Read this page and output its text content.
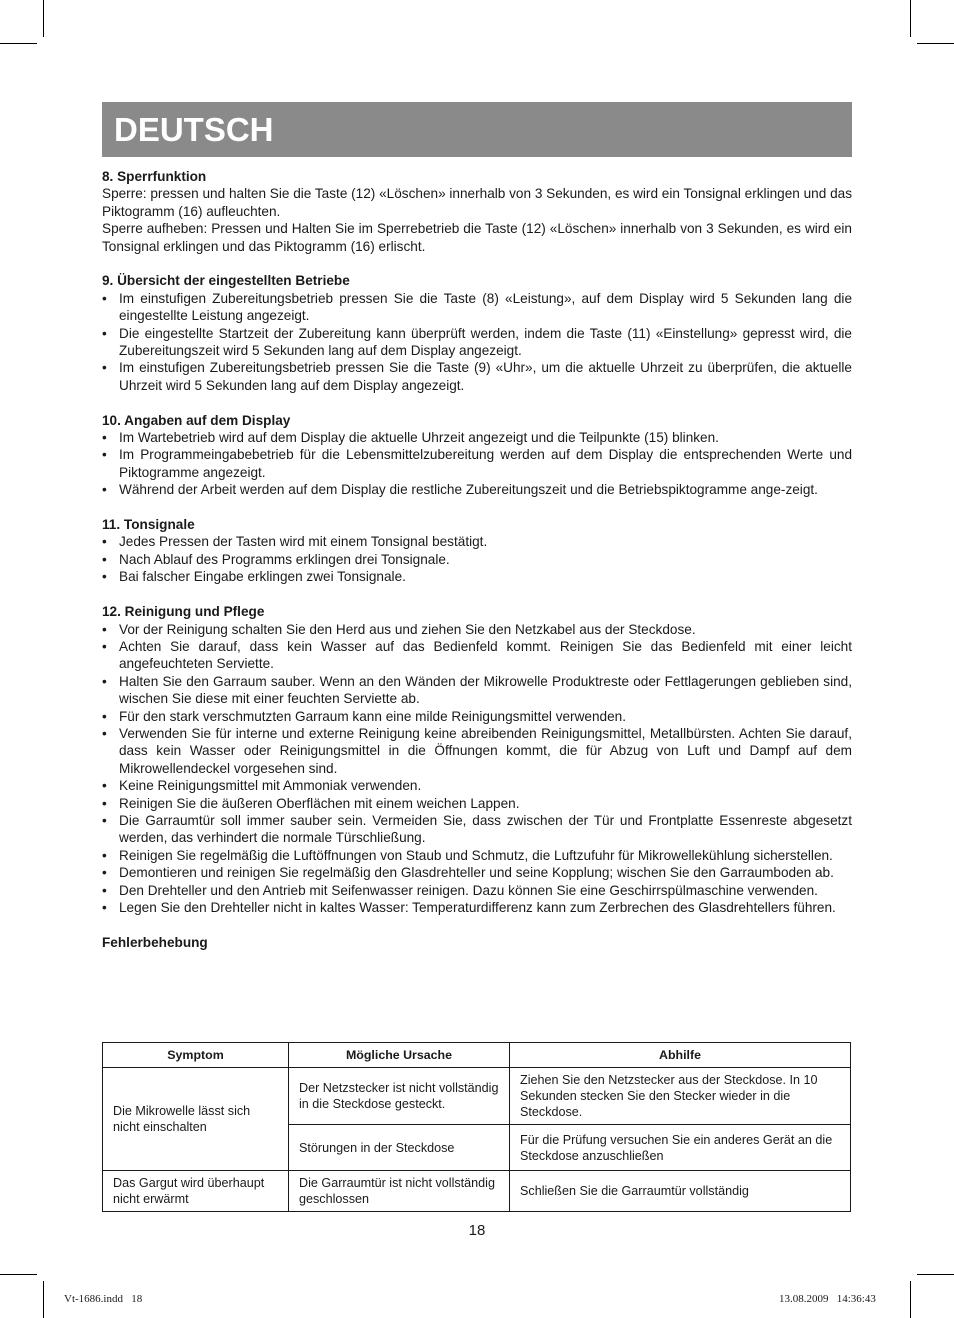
DEUTSCH
8. Sperrfunktion

Sperre: pressen und halten Sie die Taste (12) «Löschen» innerhalb von 3 Sekunden, es wird ein Tonsignal erklingen und das Piktogramm (16) aufleuchten.

Sperre aufheben: Pressen und Halten Sie im Sperrebetrieb die Taste (12) «Löschen» innerhalb von 3 Sekunden, es wird ein Tonsignal erklingen und das Piktogramm (16) erlischt.

9. Übersicht der eingestellten Betriebe
• Im einstufigen Zubereitungsbetrieb pressen Sie die Taste (8) «Leistung», auf dem Display wird 5 Sekunden lang die eingestellte Leistung angezeigt.
• Die eingestellte Startzeit der Zubereitung kann überprüft werden, indem die Taste (11) «Einstellung» gepresst wird, die Zubereitungszeit wird 5 Sekunden lang auf dem Display angezeigt.
• Im einstufigen Zubereitungsbetrieb pressen Sie die Taste (9) «Uhr», um die aktuelle Uhrzeit zu überprüfen, die aktuelle Uhrzeit wird 5 Sekunden lang auf dem Display angezeigt.
10. Angaben auf dem Display
• Im Wartebetrieb wird auf dem Display die aktuelle Uhrzeit angezeigt und die Teilpunkte (15) blinken.
• Im Programmeingabebetrieb für die Lebensmittelzubereitung werden auf dem Display die entsprechenden Werte und Piktogramme angezeigt.
• Während der Arbeit werden auf dem Display die restliche Zubereitungszeit und die Betriebspiktogramme ange-zeigt.
11. Tonsignale
• Jedes Pressen der Tasten wird mit einem Tonsignal bestätigt.
• Nach Ablauf des Programms erklingen drei Tonsignale.
• Bai falscher Eingabe erklingen zwei Tonsignale.
12. Reinigung und Pflege
• Vor der Reinigung schalten Sie den Herd aus und ziehen Sie den Netzkabel aus der Steckdose.
• Achten Sie darauf, dass kein Wasser auf das Bedienfeld kommt. Reinigen Sie das Bedienfeld mit einer leicht angefeuchteten Serviette.
• Halten Sie den Garraum sauber. Wenn an den Wänden der Mikrowelle Produktreste oder Fettlagerungen geblieben sind, wischen Sie diese mit einer feuchten Serviette ab.
• Für den stark verschmutzten Garraum kann eine milde Reinigungsmittel verwenden.
• Verwenden Sie für interne und externe Reinigung keine abreibenden Reinigungsmittel, Metallbürsten. Achten Sie darauf, dass kein Wasser oder Reinigungsmittel in die Öffnungen kommt, die für Abzug von Luft und Dampf auf dem Mikrowellendeckel vorgesehen sind.
• Keine Reinigungsmittel mit Ammoniak verwenden.
• Reinigen Sie die äußeren Oberflächen mit einem weichen Lappen.
• Die Garraumtür soll immer sauber sein. Vermeiden Sie, dass zwischen der Tür und Frontplatte Essenreste abgesetzt werden, das verhindert die normale Türschließung.
• Reinigen Sie regelmäßig die Luftöffnungen von Staub und Schmutz, die Luftzufuhr für Mikrowellekühlung sicherstellen.
• Demontieren und reinigen Sie regelmäßig den Glasdrehteller und seine Kopplung; wischen Sie den Garraumboden ab.
• Den Drehteller und den Antrieb mit Seifenwasser reinigen. Dazu können Sie eine Geschirrspülmaschine verwenden.
• Legen Sie den Drehteller nicht in kaltes Wasser: Temperaturdifferenz kann zum Zerbrechen des Glasdrehtellers führen.
Fehlerbehebung
Symptom	Mögliche Ursache	Abhilfe
Die Mikrowelle lässt sich nicht einschalten	Der Netzstecker ist nicht vollständig in die Steckdose gesteckt.	Ziehen Sie den Netzstecker aus der Steckdose. In 10 Sekunden stecken Sie den Stecker wieder in die Steckdose.
	Störungen in der Steckdose	Für die Prüfung versuchen Sie ein anderes Gerät an die Steckdose anzuschließen
Das Gargut wird überhaupt nicht erwärmt	Die Garraumtür ist nicht vollständig geschlossen	Schließen Sie die Garraumtür vollständig
18
Vt-1686.indd   18	13.08.2009   14:36:43
